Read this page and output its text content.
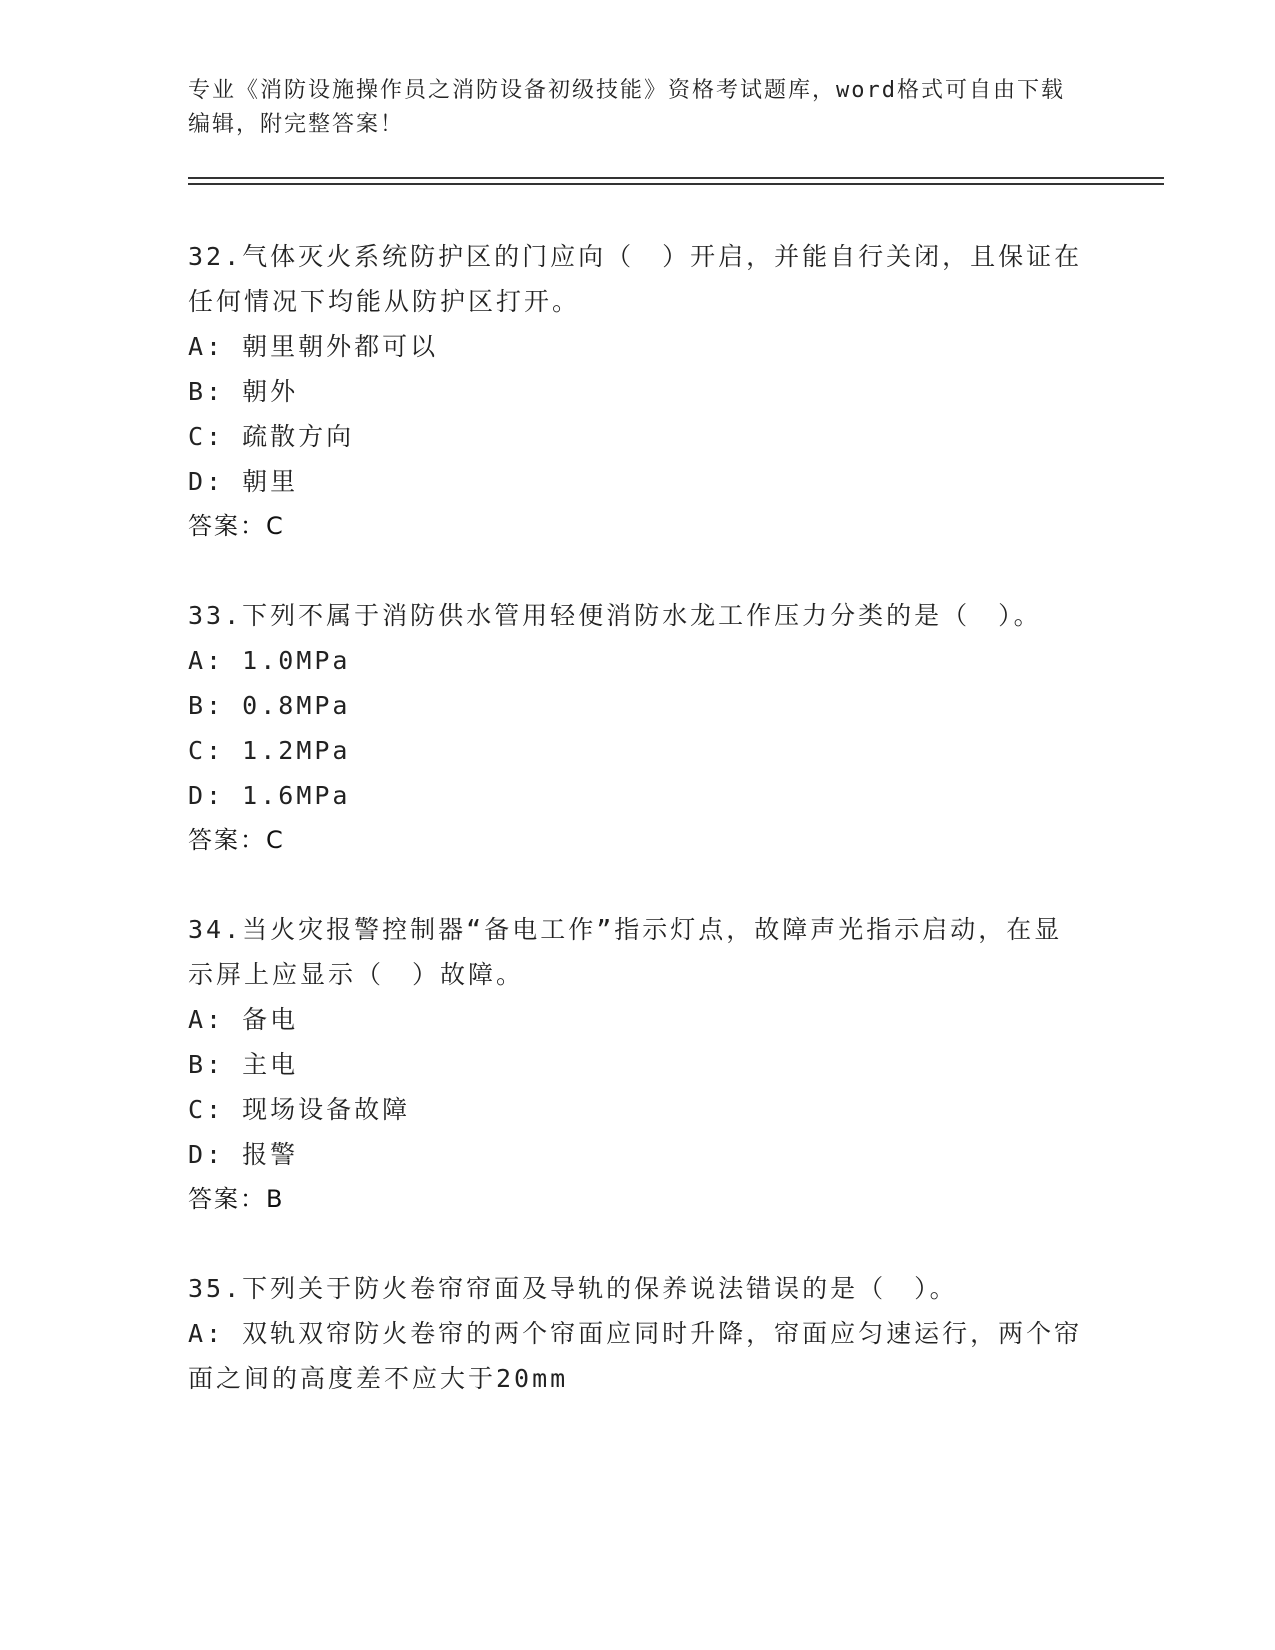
专业《消防设施操作员之消防设备初级技能》资格考试题库，word格式可自由下载编辑，附完整答案！
32.气体灭火系统防护区的门应向（　）开启，并能自行关闭，且保证在任何情况下均能从防护区打开。
A: 朝里朝外都可以
B: 朝外
C: 疏散方向
D: 朝里
答案：C
33.下列不属于消防供水管用轻便消防水龙工作压力分类的是（　）。
A: 1.0MPa
B: 0.8MPa
C: 1.2MPa
D: 1.6MPa
答案：C
34.当火灾报警控制器“备电工作”指示灯点，故障声光指示启动，在显示屏上应显示（　）故障。
A: 备电
B: 主电
C: 现场设备故障
D: 报警
答案：B
35.下列关于防火卷帘帘面及导轨的保养说法错误的是（　）。
A: 双轨双帘防火卷帘的两个帘面应同时升降，帘面应匀速运行，两个帘面之间的高度差不应大于20mm
